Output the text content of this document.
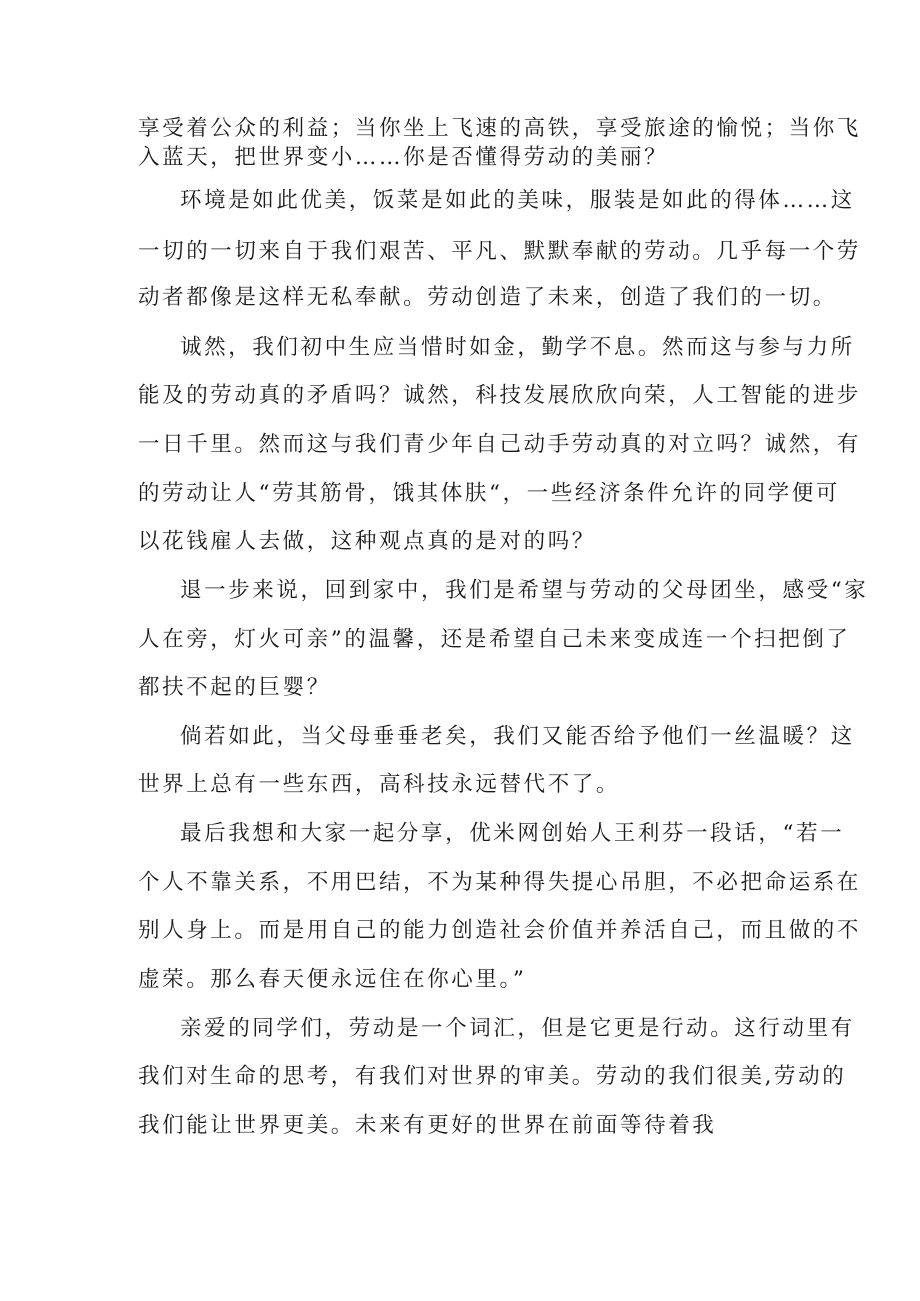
享受着公众的利益；当你坐上飞速的高铁，享受旅途的愉悦；当你飞
入蓝天，把世界变小……你是否懂得劳动的美丽？
环境是如此优美，饭菜是如此的美味，服装是如此的得体……这
一切的一切来自于我们艰苦、平凡、默默奉献的劳动。几乎每一个劳
动者都像是这样无私奉献。劳动创造了未来，创造了我们的一切。
诚然，我们初中生应当惜时如金，勤学不息。然而这与参与力所
能及的劳动真的矛盾吗？诚然，科技发展欣欣向荣，人工智能的进步
一日千里。然而这与我们青少年自己动手劳动真的对立吗？诚然，有
的劳动让人“劳其筋骨，饿其体肤“，一些经济条件允许的同学便可
以花钱雇人去做，这种观点真的是对的吗？
退一步来说，回到家中，我们是希望与劳动的父母团坐，感受“家
人在旁，灯火可亲”的温馨，还是希望自己未来变成连一个扫把倒了
都扶不起的巨婴？
倘若如此，当父母垂垂老矣，我们又能否给予他们一丝温暖？这
世界上总有一些东西，高科技永远替代不了。
最后我想和大家一起分享，优米网创始人王利芬一段话，“若一
个人不靠关系，不用巴结，不为某种得失提心吊胆，不必把命运系在
别人身上。而是用自己的能力创造社会价值并养活自己，而且做的不
虚荣。那么春天便永远住在你心里。”
亲爱的同学们，劳动是一个词汇，但是它更是行动。这行动里有
我们对生命的思考，有我们对世界的审美。劳动的我们很美,劳动的
我们能让世界更美。未来有更好的世界在前面等待着我
